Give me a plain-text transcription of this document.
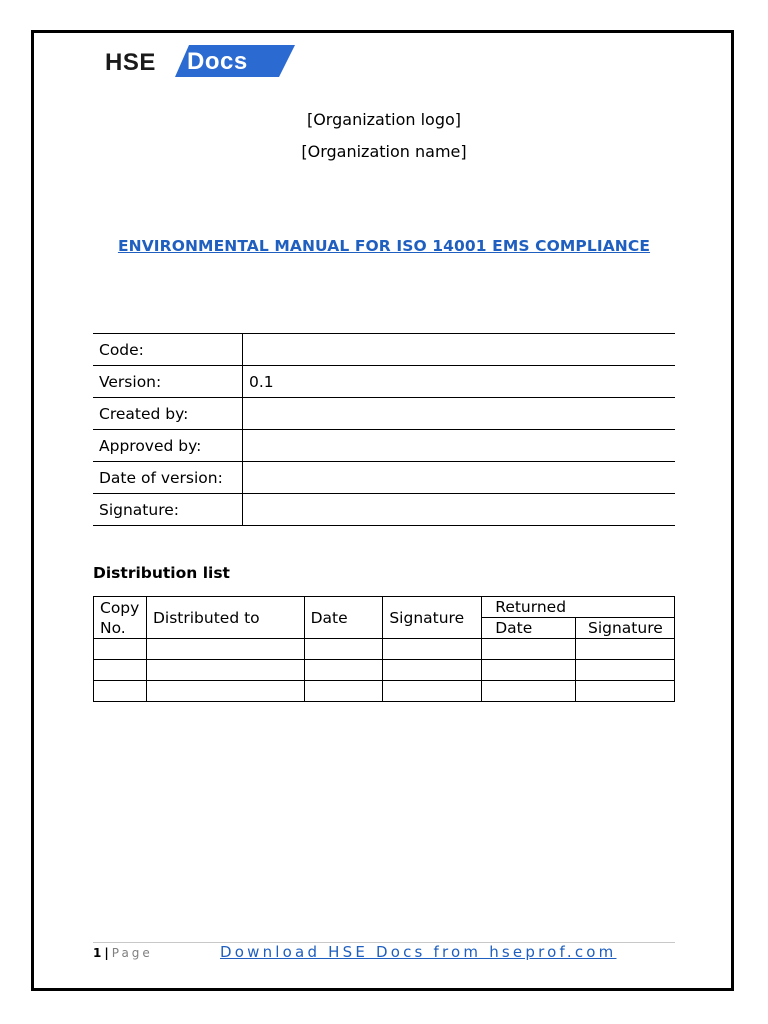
HSE Docs
[Organization logo]
[Organization name]
ENVIRONMENTAL MANUAL FOR ISO 14001 EMS COMPLIANCE
Code:	
Version:	0.1
Created by:	
Approved by:	
Date of version:	
Signature:	
Distribution list
Copy No.	Distributed to	Date	Signature	Returned	
				Date	Signature

1 | Page	Download HSE Docs from hseprof.com
